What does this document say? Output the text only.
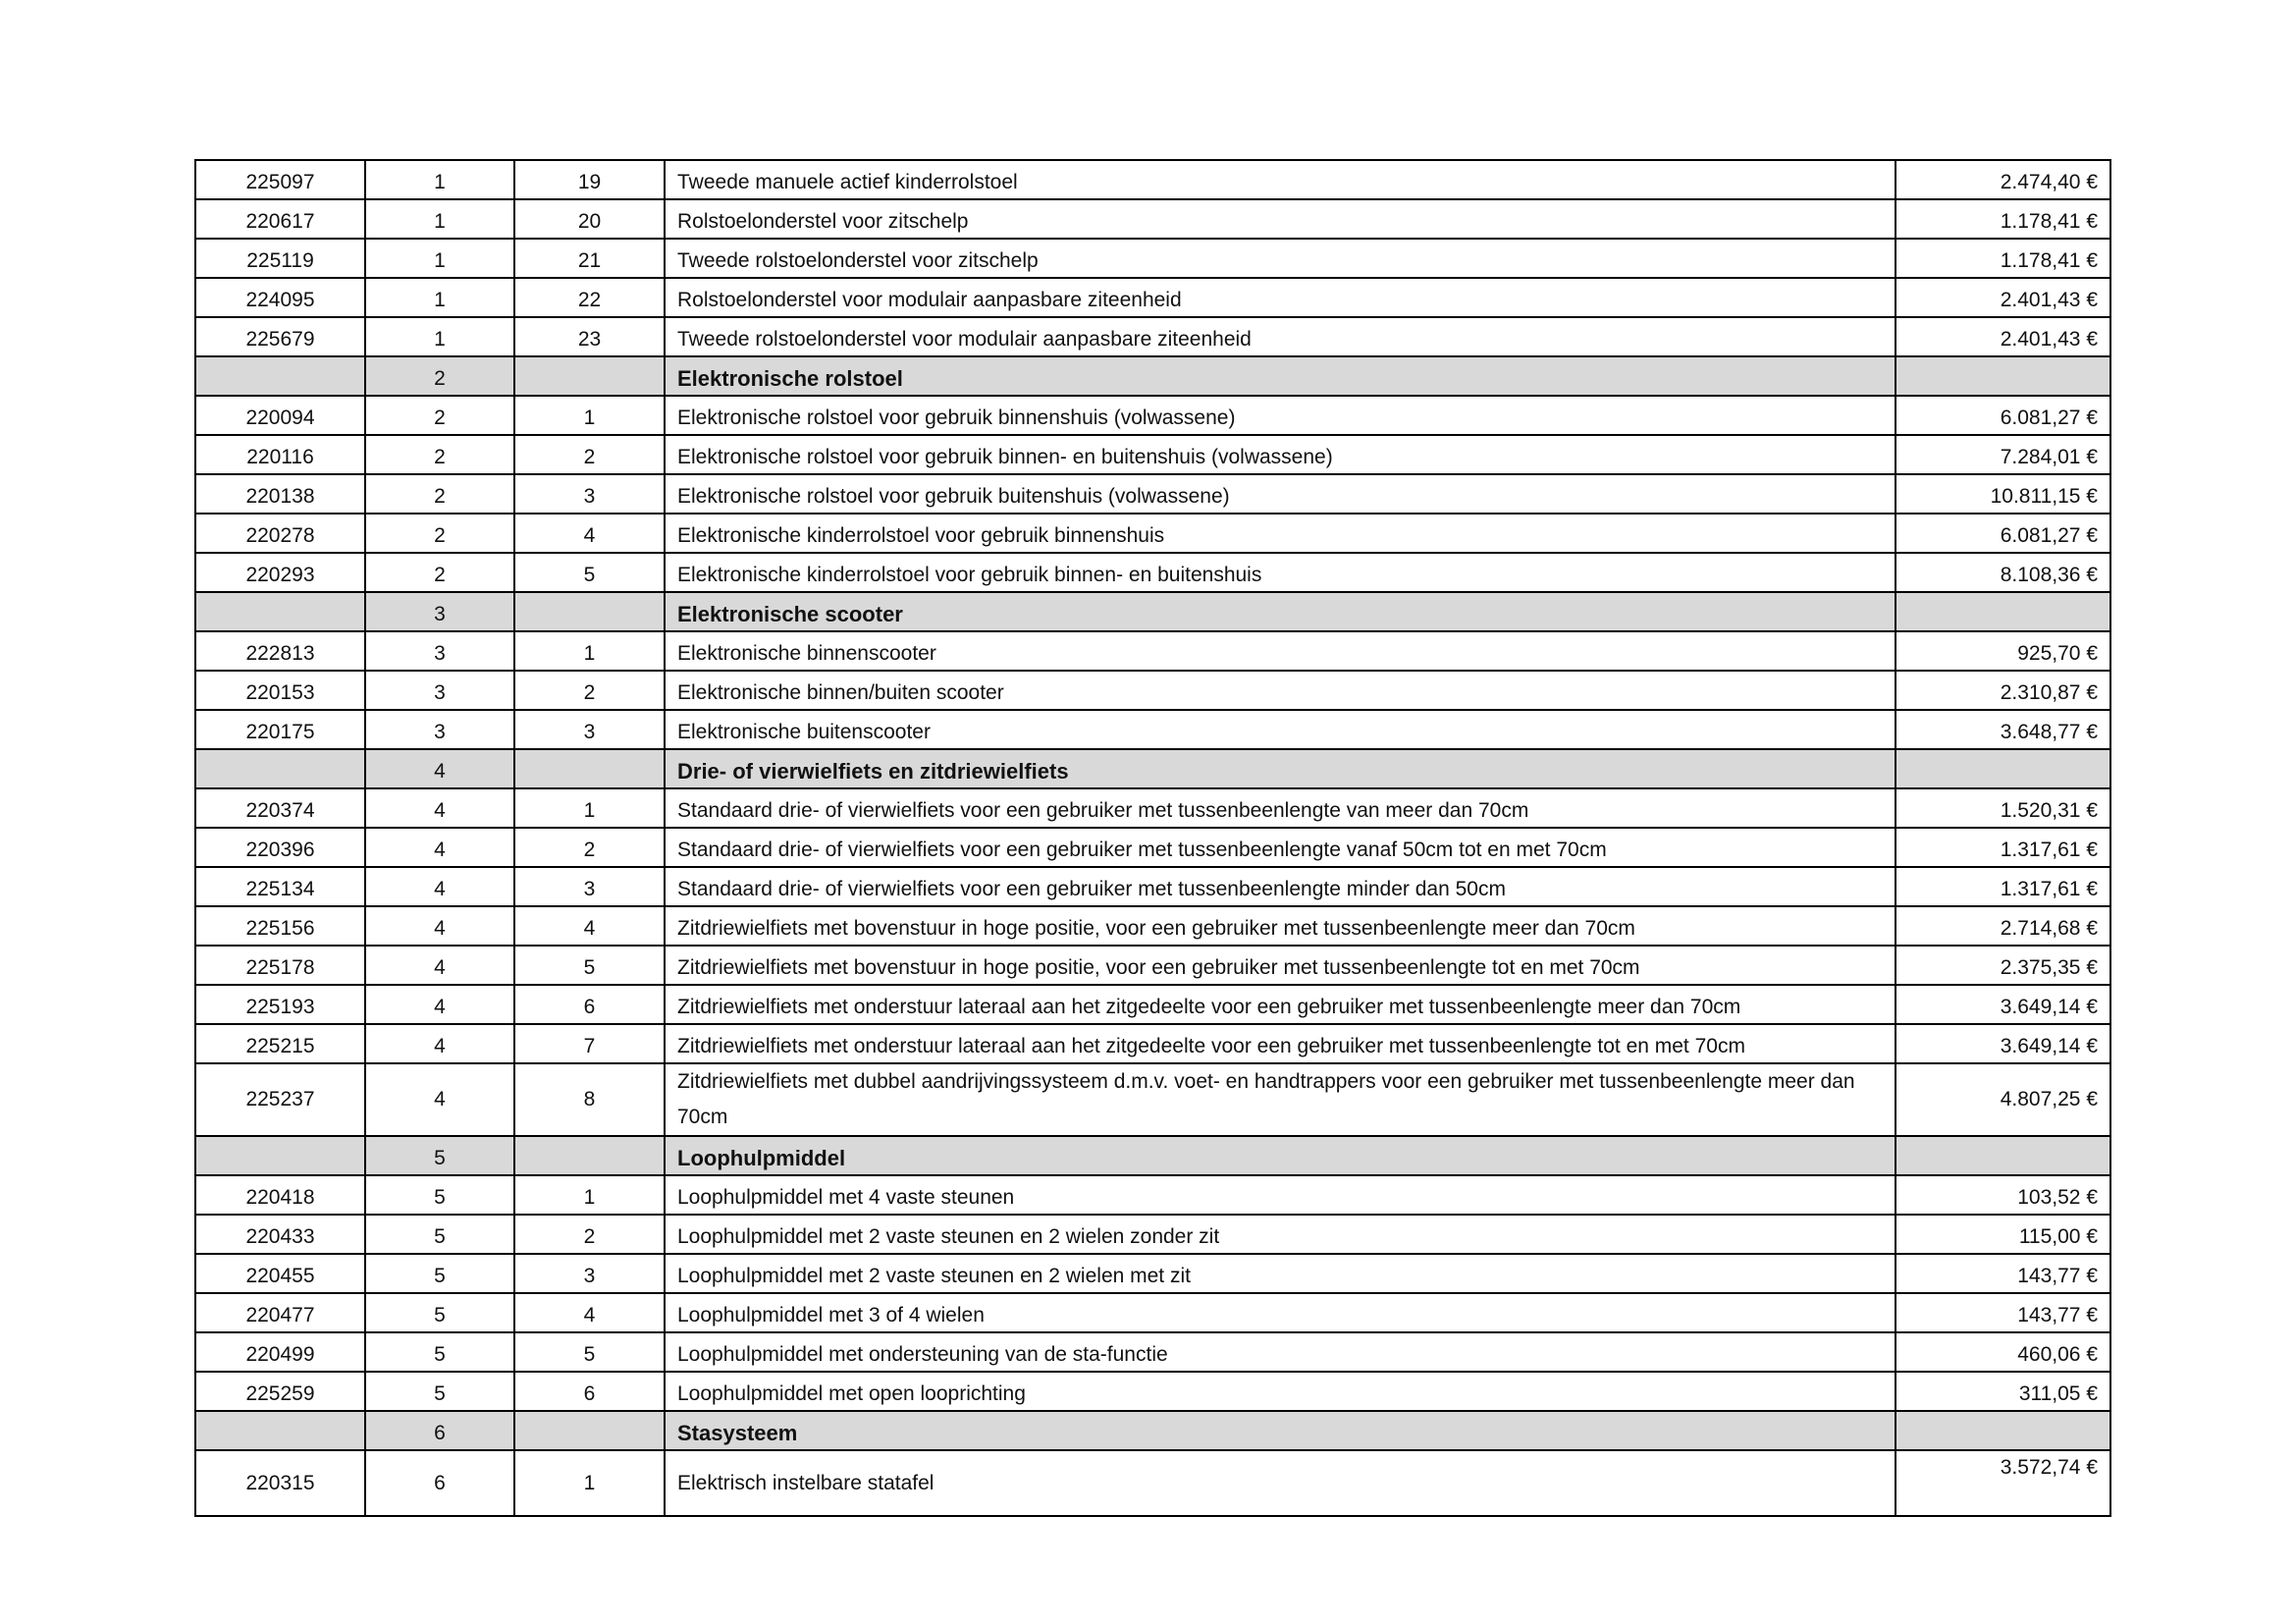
225097	1	19	Tweede manuele actief kinderrolstoel	2.474,40 €
220617	1	20	Rolstoelonderstel voor zitschelp	1.178,41 €
225119	1	21	Tweede rolstoelonderstel voor zitschelp	1.178,41 €
224095	1	22	Rolstoelonderstel voor modulair aanpasbare ziteenheid	2.401,43 €
225679	1	23	Tweede rolstoelonderstel voor modulair aanpasbare ziteenheid	2.401,43 €
	2		Elektronische rolstoel	
220094	2	1	Elektronische rolstoel voor gebruik binnenshuis (volwassene)	6.081,27 €
220116	2	2	Elektronische rolstoel voor gebruik binnen- en buitenshuis (volwassene)	7.284,01 €
220138	2	3	Elektronische rolstoel voor gebruik buitenshuis (volwassene)	10.811,15 €
220278	2	4	Elektronische kinderrolstoel voor gebruik binnenshuis	6.081,27 €
220293	2	5	Elektronische kinderrolstoel voor gebruik binnen- en buitenshuis	8.108,36 €
	3		Elektronische scooter	
222813	3	1	Elektronische binnenscooter	925,70 €
220153	3	2	Elektronische binnen/buiten scooter	2.310,87 €
220175	3	3	Elektronische buitenscooter	3.648,77 €
	4		Drie- of vierwielfiets en zitdriewielfiets	
220374	4	1	Standaard drie- of vierwielfiets voor een gebruiker met tussenbeenlengte van meer dan 70cm	1.520,31 €
220396	4	2	Standaard drie- of vierwielfiets voor een gebruiker met tussenbeenlengte vanaf 50cm tot en met 70cm	1.317,61 €
225134	4	3	Standaard drie- of vierwielfiets voor een gebruiker met tussenbeenlengte minder dan 50cm	1.317,61 €
225156	4	4	Zitdriewielfiets met bovenstuur in hoge positie, voor een gebruiker met tussenbeenlengte meer dan 70cm	2.714,68 €
225178	4	5	Zitdriewielfiets met bovenstuur in hoge positie, voor een gebruiker met tussenbeenlengte tot en met 70cm	2.375,35 €
225193	4	6	Zitdriewielfiets met onderstuur lateraal aan het zitgedeelte voor een gebruiker met tussenbeenlengte meer dan 70cm	3.649,14 €
225215	4	7	Zitdriewielfiets met onderstuur lateraal aan het zitgedeelte voor een gebruiker met tussenbeenlengte tot en met 70cm	3.649,14 €
225237	4	8	Zitdriewielfiets met dubbel aandrijvingssysteem d.m.v. voet- en handtrappers voor een gebruiker met tussenbeenlengte meer dan 70cm	4.807,25 €
	5		Loophulpmiddel	
220418	5	1	Loophulpmiddel met 4 vaste steunen	103,52 €
220433	5	2	Loophulpmiddel met 2 vaste steunen en 2 wielen zonder zit	115,00 €
220455	5	3	Loophulpmiddel met 2 vaste steunen en 2 wielen met zit	143,77 €
220477	5	4	Loophulpmiddel met 3 of 4 wielen	143,77 €
220499	5	5	Loophulpmiddel met ondersteuning van de sta-functie	460,06 €
225259	5	6	Loophulpmiddel met open looprichting	311,05 €
	6		Stasysteem	
220315	6	1	Elektrisch instelbare statafel	3.572,74 €
